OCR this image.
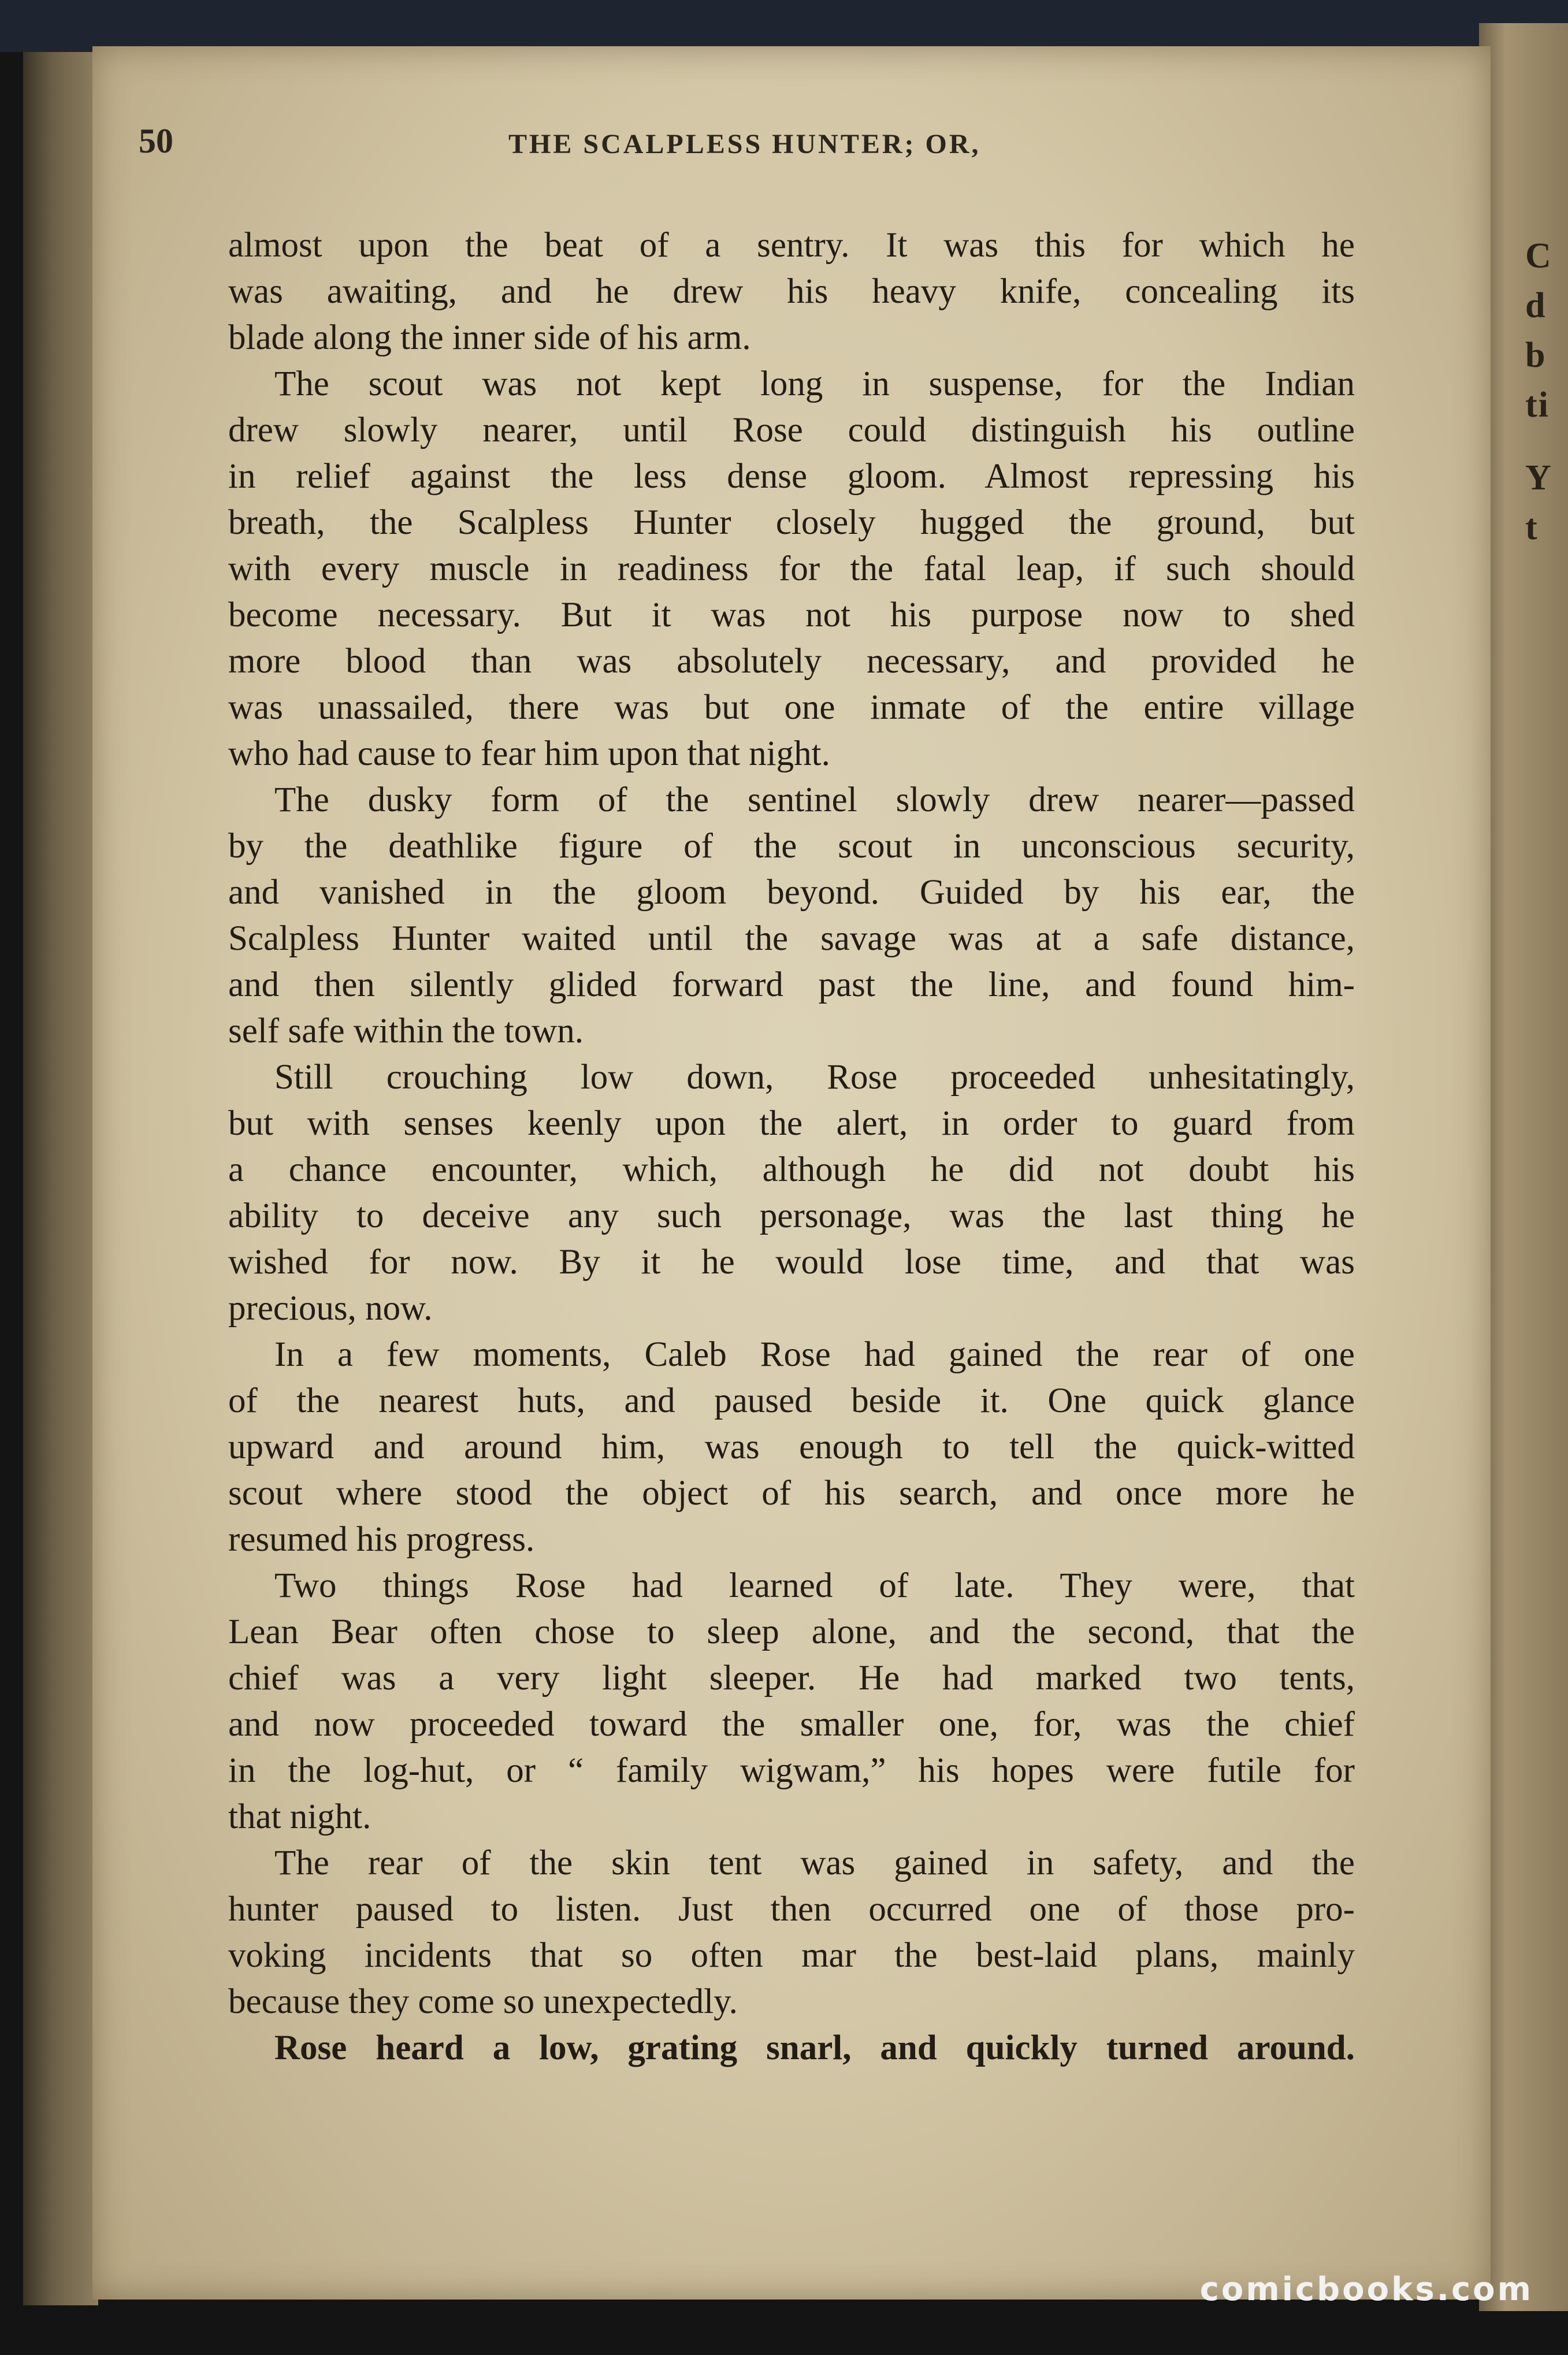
C
d
b
ti
Y
t
50	THE SCALPLESS HUNTER; OR,
almost upon the beat of a sentry. It was this for which he
was awaiting, and he drew his heavy knife, concealing its
blade along the inner side of his arm.
The scout was not kept long in suspense, for the Indian
drew slowly nearer, until Rose could distinguish his outline
in relief against the less dense gloom. Almost repressing his
breath, the Scalpless Hunter closely hugged the ground, but
with every muscle in readiness for the fatal leap, if such should
become necessary. But it was not his purpose now to shed
more blood than was absolutely necessary, and provided he
was unassailed, there was but one inmate of the entire village
who had cause to fear him upon that night.
The dusky form of the sentinel slowly drew nearer—passed
by the deathlike figure of the scout in unconscious security,
and vanished in the gloom beyond. Guided by his ear, the
Scalpless Hunter waited until the savage was at a safe distance,
and then silently glided forward past the line, and found him-
self safe within the town.
Still crouching low down, Rose proceeded unhesitatingly,
but with senses keenly upon the alert, in order to guard from
a chance encounter, which, although he did not doubt his
ability to deceive any such personage, was the last thing he
wished for now. By it he would lose time, and that was
precious, now.
In a few moments, Caleb Rose had gained the rear of one
of the nearest huts, and paused beside it. One quick glance
upward and around him, was enough to tell the quick-witted
scout where stood the object of his search, and once more he
resumed his progress.
Two things Rose had learned of late. They were, that
Lean Bear often chose to sleep alone, and the second, that the
chief was a very light sleeper. He had marked two tents,
and now proceeded toward the smaller one, for, was the chief
in the log-hut, or “ family wigwam,” his hopes were futile for
that night.
The rear of the skin tent was gained in safety, and the
hunter paused to listen. Just then occurred one of those pro-
voking incidents that so often mar the best-laid plans, mainly
because they come so unexpectedly.
Rose heard a low, grating snarl, and quickly turned around.
comicbooks.com
